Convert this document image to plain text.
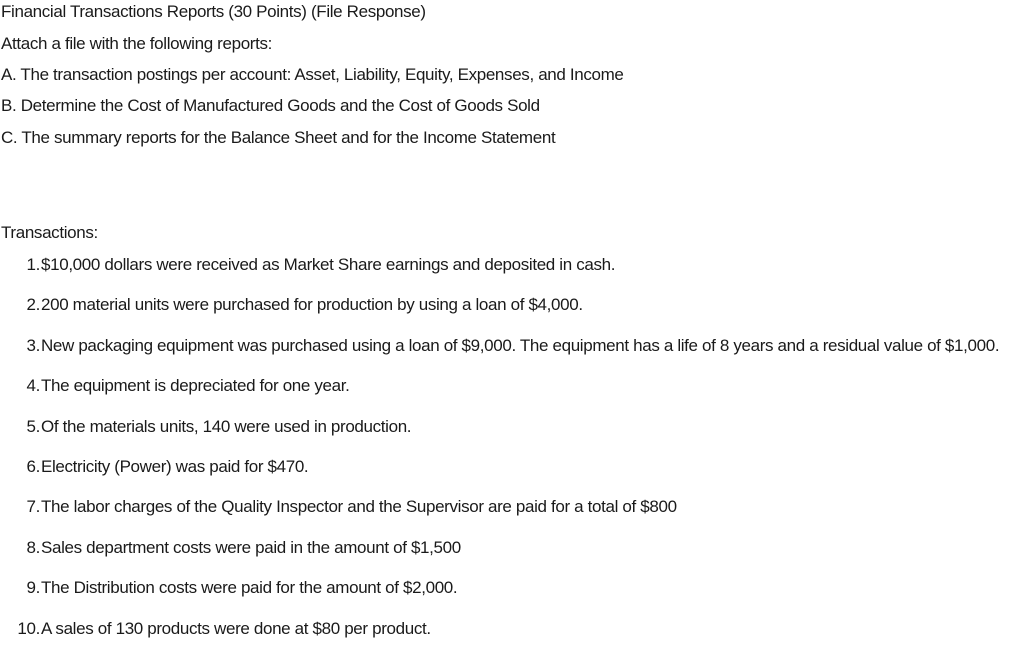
Financial Transactions Reports (30 Points) (File Response)
Attach a file with the following reports:
A. The transaction postings per account: Asset, Liability, Equity, Expenses, and Income
B. Determine the Cost of Manufactured Goods and the Cost of Goods Sold
C. The summary reports for the Balance Sheet and for the Income Statement
Transactions:
1.$10,000 dollars were received as Market Share earnings and deposited in cash.
2.200 material units were purchased for production by using a loan of $4,000.
3.New packaging equipment was purchased using a loan of $9,000. The equipment has a life of 8 years and a residual value of $1,000.
4.The equipment is depreciated for one year.
5.Of the materials units, 140 were used in production.
6.Electricity (Power) was paid for $470.
7.The labor charges of the Quality Inspector and the Supervisor are paid for a total of $800
8.Sales department costs were paid in the amount of $1,500
9.The Distribution costs were paid for the amount of $2,000.
10.A sales of 130 products were done at $80 per product.
